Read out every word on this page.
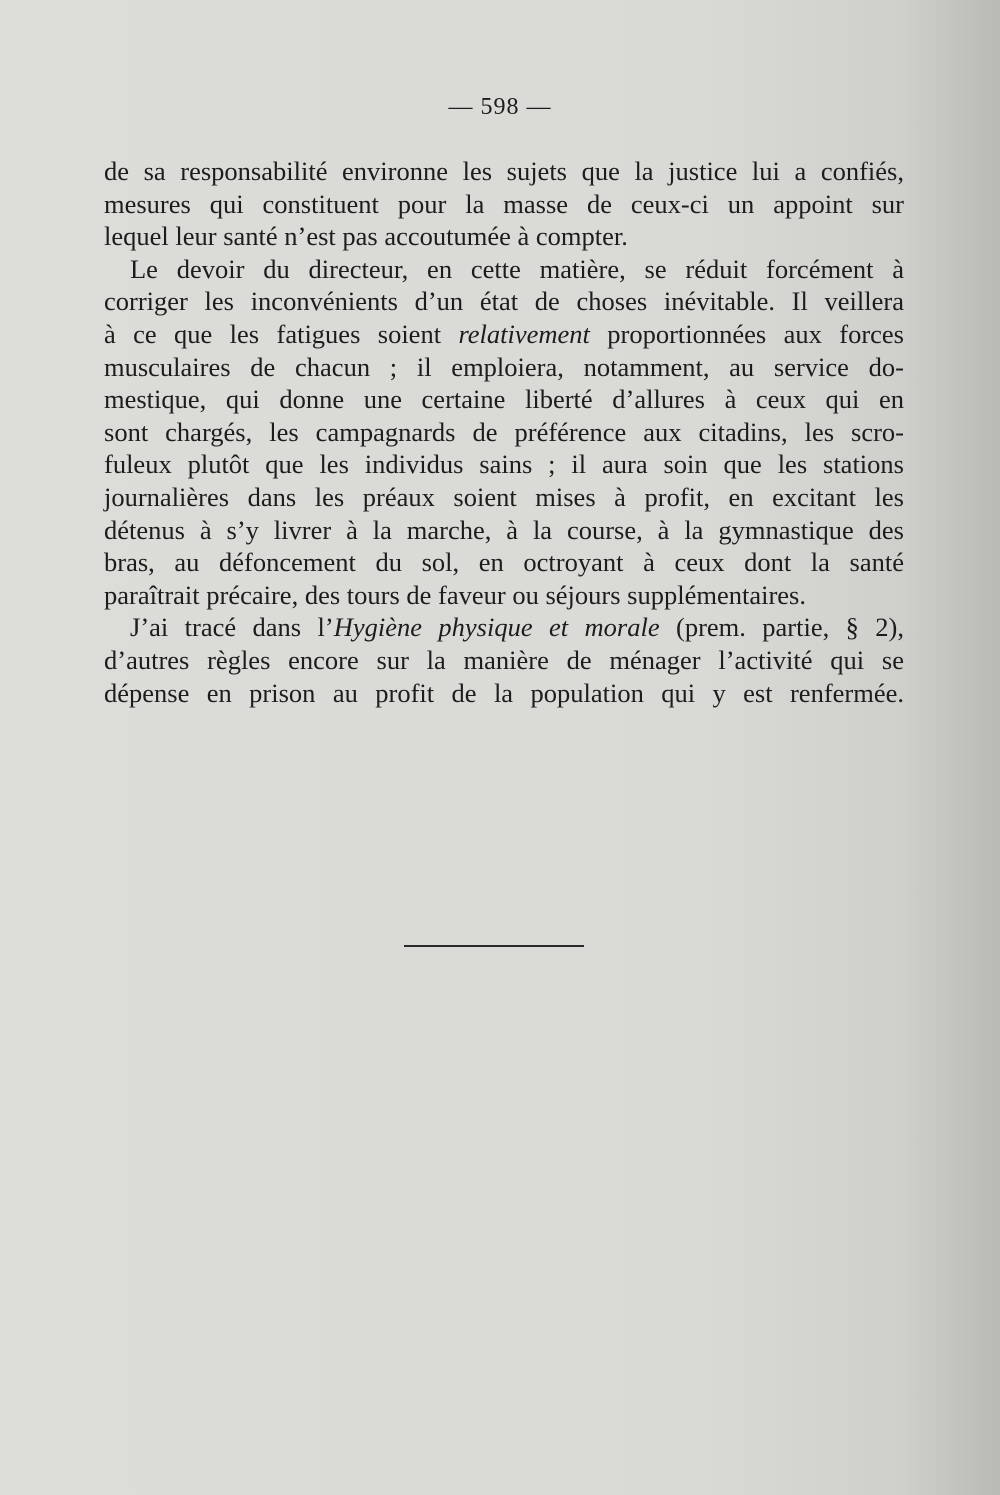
— 598 —
de sa responsabilité environne les sujets que la justice lui a confiés,
mesures qui constituent pour la masse de ceux-ci un appoint sur
lequel leur santé n’est pas accoutumée à compter.
Le devoir du directeur, en cette matière, se réduit forcément à
corriger les inconvénients d’un état de choses inévitable. Il veillera
à ce que les fatigues soient relativement proportionnées aux forces
musculaires de chacun ; il emploiera, notamment, au service do-
mestique, qui donne une certaine liberté d’allures à ceux qui en
sont chargés, les campagnards de préférence aux citadins, les scro-
fuleux plutôt que les individus sains ; il aura soin que les stations
journalières dans les préaux soient mises à profit, en excitant les
détenus à s’y livrer à la marche, à la course, à la gymnastique des
bras, au défoncement du sol, en octroyant à ceux dont la santé
paraîtrait précaire, des tours de faveur ou séjours supplémentaires.
J’ai tracé dans l’Hygiène physique et morale (prem. partie, § 2),
d’autres règles encore sur la manière de ménager l’activité qui se
dépense en prison au profit de la population qui y est renfermée.
